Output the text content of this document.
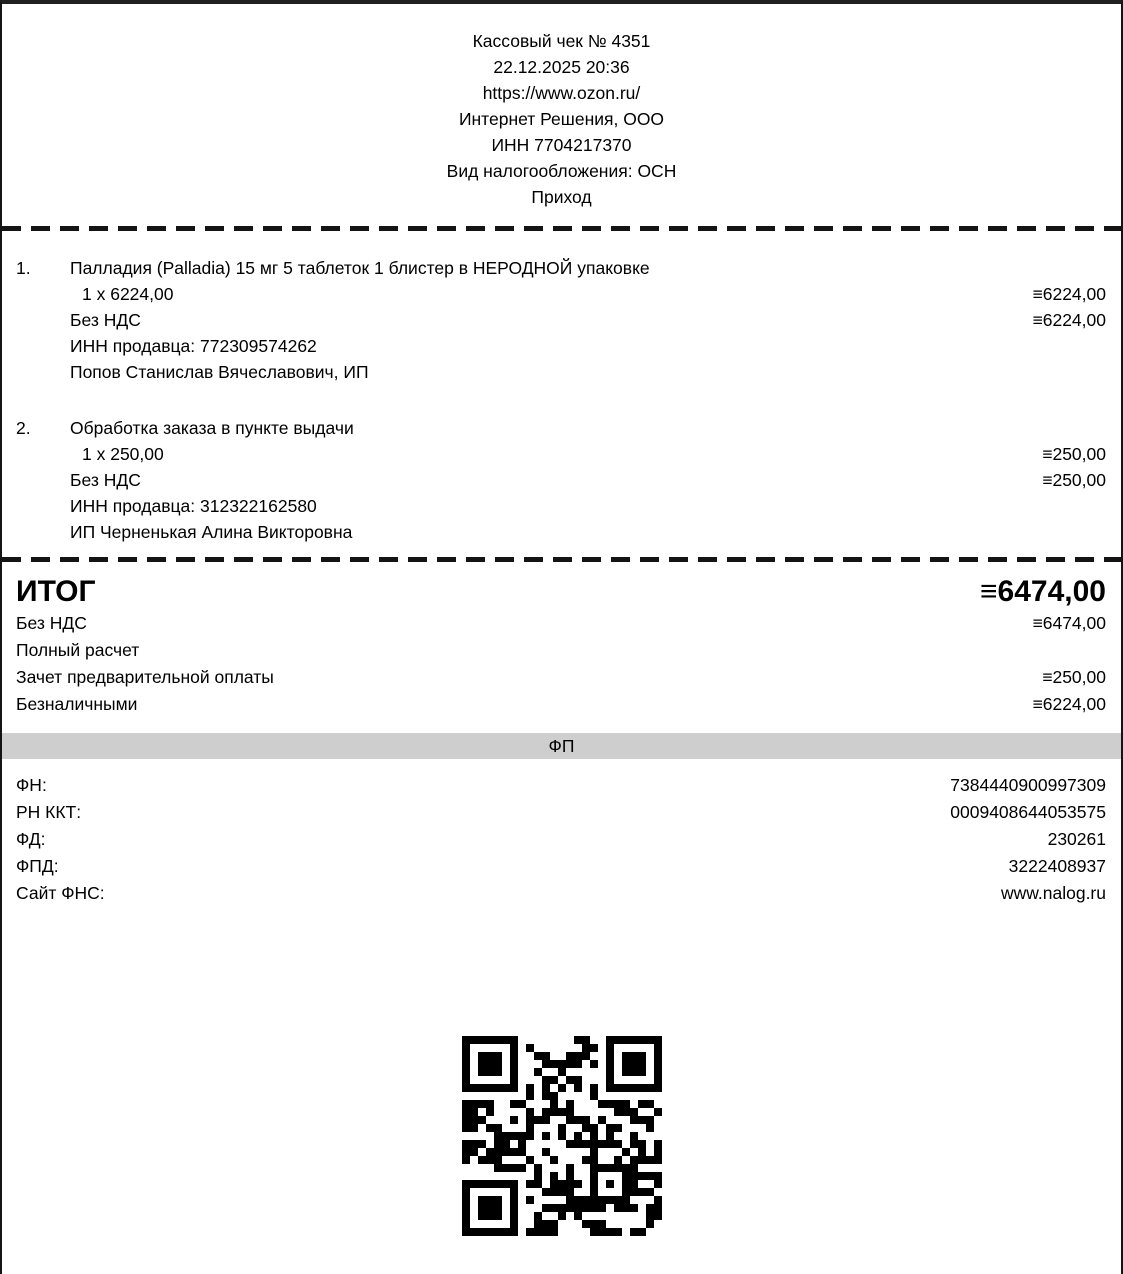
Кассовый чек № 4351
22.12.2025 20:36
https://www.ozon.ru/
Интернет Решения, ООО
ИНН 7704217370
Вид налогообложения: ОСН
Приход
1.	Палладия (Palladia) 15 мг 5 таблеток 1 блистер в НЕРОДНОЙ упаковке
1 x 6224,00	≡6224,00
Без НДС	≡6224,00
ИНН продавца: 772309574262
Попов Станислав Вячеславович, ИП
2.	Обработка заказа в пункте выдачи
1 x 250,00	≡250,00
Без НДС	≡250,00
ИНН продавца: 312322162580
ИП Черненькая Алина Викторовна
ИТОГ	≡6474,00
Без НДС	≡6474,00
Полный расчет
Зачет предварительной оплаты	≡250,00
Безналичными	≡6224,00
ФП
ФН:	7384440900997309
РН ККТ:	0009408644053575
ФД:	230261
ФПД:	3222408937
Сайт ФНС:	www.nalog.ru
